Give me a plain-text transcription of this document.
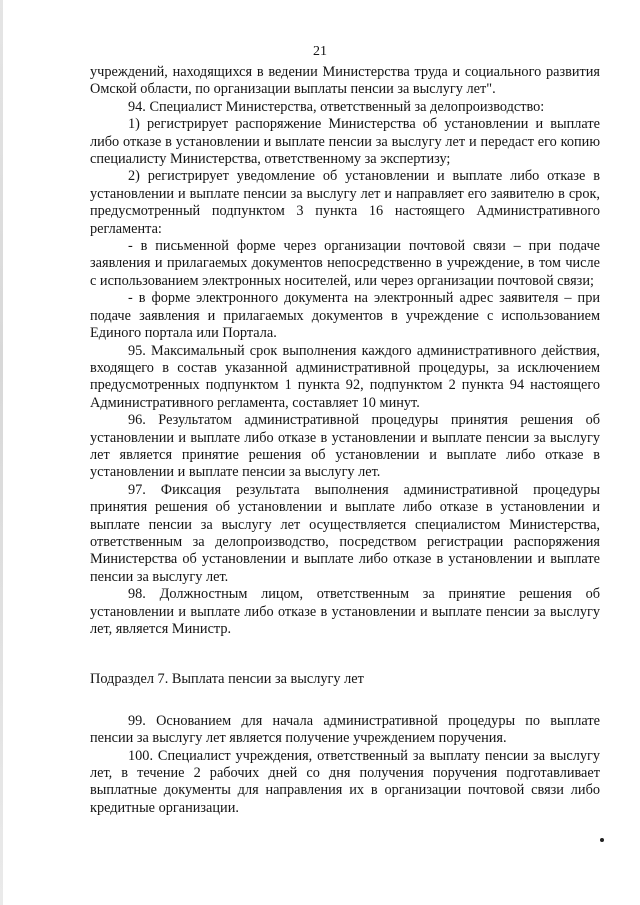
21

учреждений, находящихся в ведении Министерства труда и социального развития Омской области, по организации выплаты пенсии за выслугу лет".

94. Специалист Министерства, ответственный за делопроизводство:

1) регистрирует распоряжение Министерства об установлении и выплате либо отказе в установлении и выплате пенсии за выслугу лет и передаст его копию специалисту Министерства, ответственному за экспертизу;

2) регистрирует уведомление об установлении и выплате либо отказе в установлении и выплате пенсии за выслугу лет и направляет его заявителю в срок, предусмотренный подпунктом 3 пункта 16 настоящего Административного регламента:

- в письменной форме через организации почтовой связи – при подаче заявления и прилагаемых документов непосредственно в учреждение, в том числе с использованием электронных носителей, или через организации почтовой связи;

- в форме электронного документа на электронный адрес заявителя – при подаче заявления и прилагаемых документов в учреждение с использованием Единого портала или Портала.

95. Максимальный срок выполнения каждого административного действия, входящего в состав указанной административной процедуры, за исключением предусмотренных подпунктом 1 пункта 92, подпунктом 2 пункта 94 настоящего Административного регламента, составляет 10 минут.

96. Результатом административной процедуры принятия решения об установлении и выплате либо отказе в установлении и выплате пенсии за выслугу лет является принятие решения об установлении и выплате либо отказе в установлении и выплате пенсии за выслугу лет.

97. Фиксация результата выполнения административной процедуры принятия решения об установлении и выплате либо отказе в установлении и выплате пенсии за выслугу лет осуществляется специалистом Министерства, ответственным за делопроизводство, посредством регистрации распоряжения Министерства об установлении и выплате либо отказе в установлении и выплате пенсии за выслугу лет.

98. Должностным лицом, ответственным за принятие решения об установлении и выплате либо отказе в установлении и выплате пенсии за выслугу лет, является Министр.

Подраздел 7. Выплата пенсии за выслугу лет

99. Основанием для начала административной процедуры по выплате пенсии за выслугу лет является получение учреждением поручения.

100. Специалист учреждения, ответственный за выплату пенсии за выслугу лет, в течение 2 рабочих дней со дня получения поручения подготавливает выплатные документы для направления их в организации почтовой связи либо кредитные организации.
